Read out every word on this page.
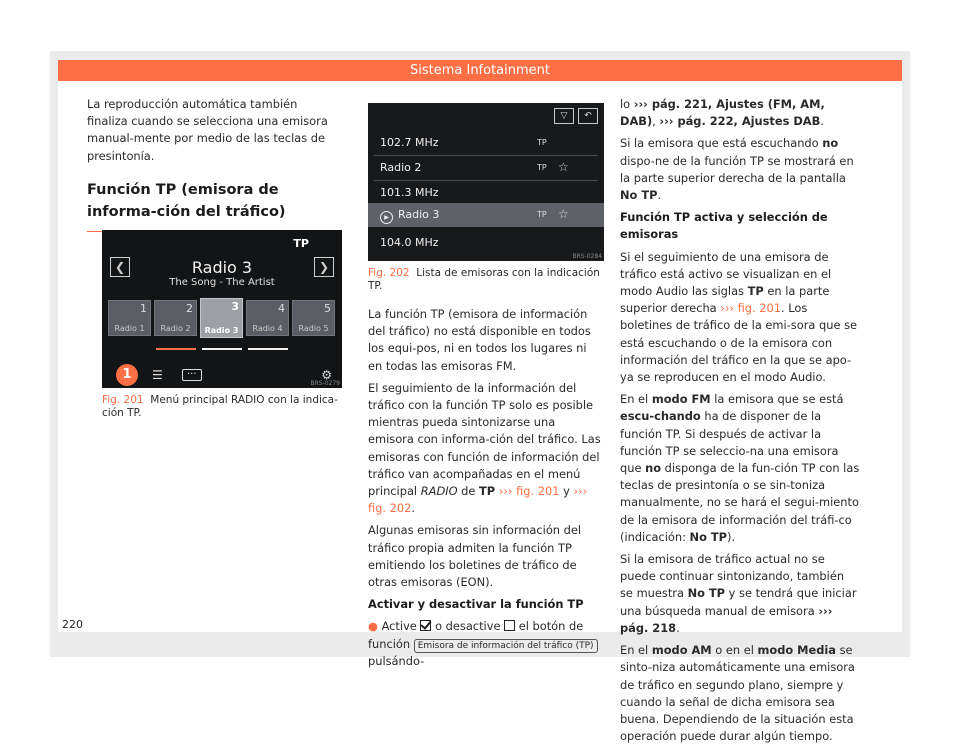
Sistema Infotainment

La reproducción automática también finaliza cuando se selecciona una emisora manual-mente por medio de las teclas de presintonía.

Función TP (emisora de informa-ción del tráfico)
TP
❮	❯
Radio 3
The Song - The Artist
1
Radio 1
2
Radio 2
3
Radio 3
4
Radio 4
5
Radio 5
1	☰	···	⚙
BRS-0279
Fig. 201 Menú principal RADIO con la indica-ción TP.
▽	↶
102.7 MHz	TP
Radio 2	TP ☆
101.3 MHz
▶ Radio 3	TP ☆
104.0 MHz
BRS-0284
Fig. 202 Lista de emisoras con la indicación TP.

La función TP (emisora de información del tráfico) no está disponible en todos los equi-pos, ni en todos los lugares ni en todas las emisoras FM.

El seguimiento de la información del tráfico con la función TP solo es posible mientras pueda sintonizarse una emisora con informa-ción del tráfico. Las emisoras con función de información del tráfico van acompañadas en el menú principal RADIO de TP ››› fig. 201 y ››› fig. 202.

Algunas emisoras sin información del tráfico propia admiten la función TP emitiendo los boletines de tráfico de otras emisoras (EON).

Activar y desactivar la función TP

● Active o desactive el botón de función Emisora de información del tráfico (TP) pulsándo-

lo ››› pág. 221, Ajustes (FM, AM, DAB), ››› pág. 222, Ajustes DAB.

Si la emisora que está escuchando no dispo-ne de la función TP se mostrará en la parte superior derecha de la pantalla No TP.

Función TP activa y selección de emisoras

Si el seguimiento de una emisora de tráfico está activo se visualizan en el modo Audio las siglas TP en la parte superior derecha ››› fig. 201. Los boletines de tráfico de la emi-sora que se está escuchando o de la emisora con información del tráfico en la que se apo-ya se reproducen en el modo Audio.

En el modo FM la emisora que se está escu-chando ha de disponer de la función TP. Si después de activar la función TP se seleccio-na una emisora que no disponga de la fun-ción TP con las teclas de presintonía o se sin-toniza manualmente, no se hará el segui-miento de la emisora de información del tráfi-co (indicación: No TP).

Si la emisora de tráfico actual no se puede continuar sintonizando, también se muestra No TP y se tendrá que iniciar una búsqueda manual de emisora ››› pág. 218.

En el modo AM o en el modo Media se sinto-niza automáticamente una emisora de tráfico en segundo plano, siempre y cuando la señal de dicha emisora sea buena. Dependiendo de la situación esta operación puede durar algún tiempo.

220
